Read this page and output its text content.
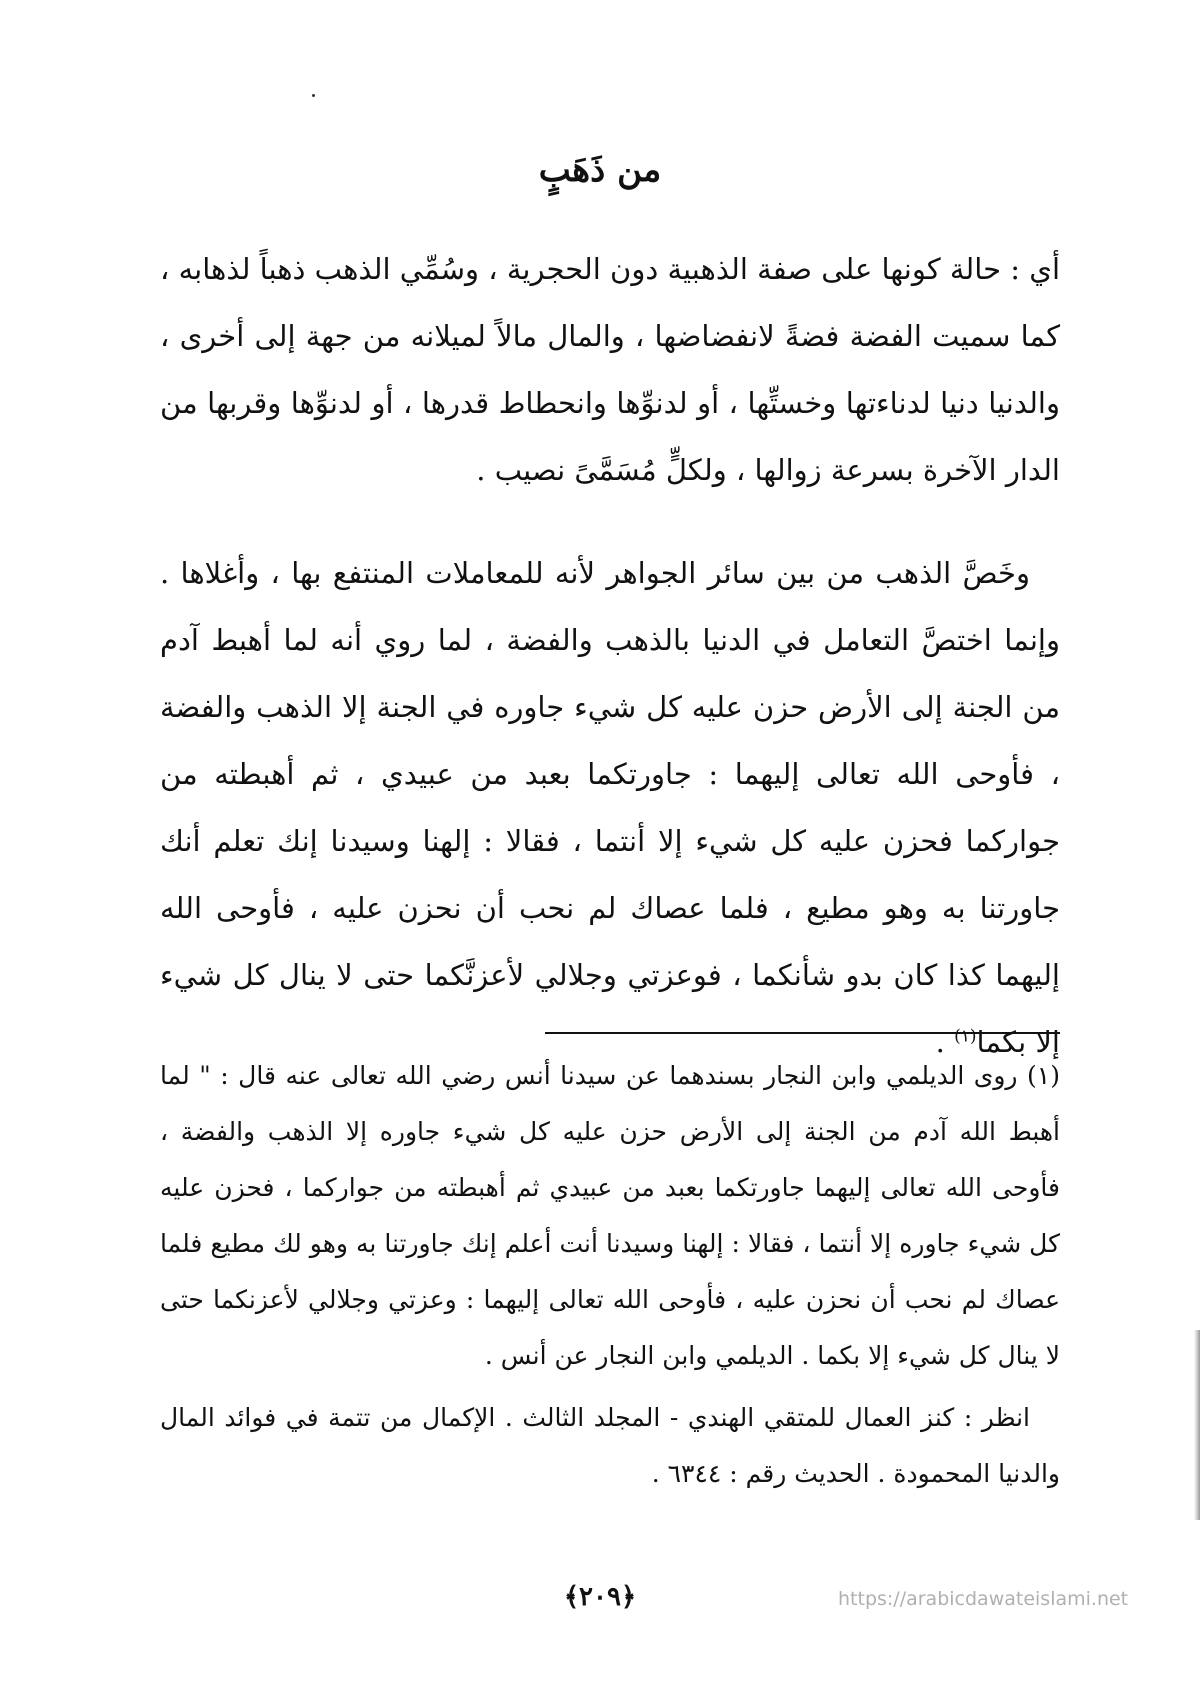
من ذَهَبٍ

أي : حالة كونها على صفة الذهبية دون الحجرية ، وسُمِّي الذهب ذهباً لذهابه ، كما سميت الفضة فضةً لانفضاضها ، والمال مالاً لميلانه من جهة إلى أخرى ، والدنيا دنيا لدناءتها وخستِّها ، أو لدنوِّها وانحطاط قدرها ، أو لدنوِّها وقربها من الدار الآخرة بسرعة زوالها ، ولكلٍّ مُسَمَّىً نصيب .

وخَصَّ الذهب من بين سائر الجواهر لأنه للمعاملات المنتفع بها ، وأغلاها . وإنما اختصَّ التعامل في الدنيا بالذهب والفضة ، لما روي أنه لما أهبط آدم من الجنة إلى الأرض حزن عليه كل شيء جاوره في الجنة إلا الذهب والفضة ، فأوحى الله تعالى إليهما : جاورتكما بعبد من عبيدي ، ثم أهبطته من جواركما فحزن عليه كل شيء إلا أنتما ، فقالا : إلهنا وسيدنا إنك تعلم أنك جاورتنا به وهو مطيع ، فلما عصاك لم نحب أن نحزن عليه ، فأوحى الله إليهما كذا كان بدو شأنكما ، فوعزتي وجلالي لأعزنَّكما حتى لا ينال كل شيء إلا بكما$^{(١)}$ .

(١) روى الديلمي وابن النجار بسندهما عن سيدنا أنس رضي الله تعالى عنه قال : " لما أهبط الله آدم من الجنة إلى الأرض حزن عليه كل شيء جاوره إلا الذهب والفضة ، فأوحى الله تعالى إليهما جاورتكما بعبد من عبيدي ثم أهبطته من جواركما ، فحزن عليه كل شيء جاوره إلا أنتما ، فقالا : إلهنا وسيدنا أنت أعلم إنك جاورتنا به وهو لك مطيع فلما عصاك لم نحب أن نحزن عليه ، فأوحى الله تعالى إليهما : وعزتي وجلالي لأعزنكما حتى لا ينال كل شيء إلا بكما . الديلمي وابن النجار عن أنس .

انظر : كنز العمال للمتقي الهندي - المجلد الثالث . الإكمال من تتمة في فوائد المال والدنيا المحمودة . الحديث رقم : ٦٣٤٤ .

﴿٢٠٩﴾	https://arabicdawateislami.net
